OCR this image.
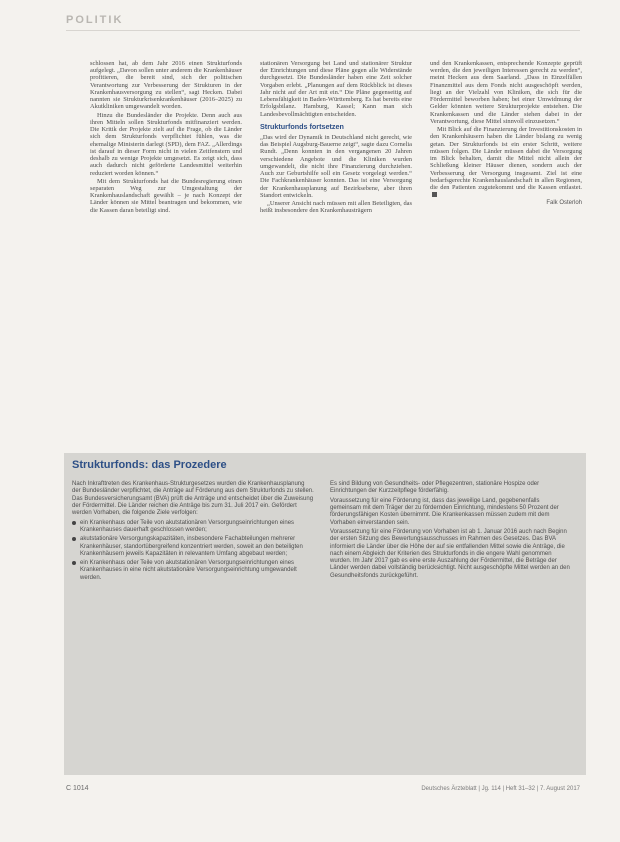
POLITIK

schlossen hat, ab dem Jahr 2016 einen Strukturfonds aufgelegt. „Davon sollen unter anderem die Krankenhäuser profitieren, die bereit sind, sich der politischen Verantwortung zur Verbesserung der Strukturen in der Krankenhausversorgung zu stellen“, sagt Hecken. Dabei nannten sie Strukturkrisenkrankenhäuser (2016–2025) zu Akutkliniken umgewandelt worden.

Hinzu die Bundesländer die Projekte. Denn auch aus ihren Mitteln sollen Strukturfonds mitfinanziert werden. Die Kritik der Projekte zielt auf die Frage, ob die Länder sich dem Strukturfonds verpflichtet fühlen, was die ehemalige Ministerin darlegt (SPD), dem FAZ. „Allerdings ist darauf in dieser Form nicht in vielen Zeitfenstern und deshalb zu wenige Projekte umgesetzt. Es zeigt sich, dass auch dadurch nicht geförderte Landesmittel weiterhin reduziert worden können.“

Mit dem Strukturfonds hat die Bundesregierung einen separaten Weg zur Umgestaltung der Krankenhauslandschaft gewählt – je nach Konzept der Länder können sie Mittel beantragen und bekommen, wie die Kassen daran beteiligt sind.

stationären Versorgung bei Land und stationärer Struktur der Einrichtungen und diese Pläne gegen alle Widerstände durchgesetzt. Die Bundesländer haben eine Zeit solcher Vorgaben erlebt. „Planungen auf dem Rückblick ist dieses Jahr nicht auf der Art mit ein.“ Die Pläne gegenseitig auf Lebensfähigkeit in Baden-Württemberg. Es hat bereits eine Erfolgsbilanz. Hamburg, Kassel; Kann man sich Landesbevollmächtigten entscheiden.

Strukturfonds fortsetzen

„Das wird der Dynamik in Deutschland nicht gerecht, wie das Beispiel Augsburg-Bauerne zeigt“, sagte dazu Cornelia Rundt. „Denn konnten in den vergangenen 20 Jahren verschiedene Angebote und die Kliniken wurden umgewandelt, die nicht ihre Finanzierung durchziehen. Auch zur Geburtshilfe soll ein Gesetz vorgelegt werden.“ Die Fachkrankenhäuser konnten. Das ist eine Versorgung der Krankenhausplanung auf Bezirksebene, aber ihren Standort entwickeln.

„Unserer Ansicht nach müssen mit allen Beteiligten, das heißt insbesondere den Krankenhausträgern

und den Krankenkassen, entsprechende Konzepte geprüft werden, die den jeweiligen Interessen gerecht zu werden“, meint Hecken aus dem Saarland. „Dass in Einzelfällen Finanzmittel aus dem Fonds nicht ausgeschöpft werden, liegt an der Vielzahl von Kliniken, die sich für die Fördermittel beworben haben; bei einer Umwidmung der Gelder könnten weitere Strukturprojekte entstehen. Die Krankenkassen und die Länder stehen dabei in der Verantwortung, diese Mittel sinnvoll einzusetzen.“

Mit Blick auf die Finanzierung der Investitionskosten in den Krankenhäusern haben die Länder bislang zu wenig getan. Der Strukturfonds ist ein erster Schritt, weitere müssen folgen. Die Länder müssen dabei die Versorgung im Blick behalten, damit die Mittel nicht allein der Schließung kleiner Häuser dienen, sondern auch der Verbesserung der Versorgung insgesamt. Ziel ist eine bedarfsgerechte Krankenhauslandschaft in allen Regionen, die den Patienten zugutekommt und die Kassen entlastet.

Falk Osterloh
Strukturfonds: das Prozedere

Nach Inkrafttreten des Krankenhaus-Strukturgesetzes wurden die Krankenhausplanung der Bundesländer verpflichtet, die Anträge auf Förderung aus dem Strukturfonds zu stellen. Das Bundesversicherungsamt (BVA) prüft die Anträge und entscheidet über die Zuweisung der Fördermittel. Die Länder reichen die Anträge bis zum 31. Juli 2017 ein. Gefördert werden Vorhaben, die folgende Ziele verfolgen:

ein Krankenhaus oder Teile von akutstationären Versorgungseinrichtungen eines Krankenhauses dauerhaft geschlossen werden;
akutstationäre Versorgungskapazitäten, insbesondere Fachabteilungen mehrerer Krankenhäuser, standortübergreifend konzentriert werden, soweit an den beteiligten Krankenhäusern jeweils Kapazitäten in relevantem Umfang abgebaut werden;
ein Krankenhaus oder Teile von akutstationären Versorgungseinrichtungen eines Krankenhauses in eine nicht akutstationäre Versorgungseinrichtung umgewandelt werden.

Es sind Bildung von Gesundheits- oder Pflegezentren, stationäre Hospize oder Einrichtungen der Kurzzeitpflege förderfähig.

Voraussetzung für eine Förderung ist, dass das jeweilige Land, gegebenenfalls gemeinsam mit dem Träger der zu fördernden Einrichtung, mindestens 50 Prozent der förderungsfähigen Kosten übernimmt. Die Krankenkassen müssen zudem mit dem Vorhaben einverstanden sein.

Voraussetzung für eine Förderung von Vorhaben ist ab 1. Januar 2016 auch nach Beginn der ersten Sitzung des Bewertungsausschusses im Rahmen des Gesetzes. Das BVA informiert die Länder über die Höhe der auf sie entfallenden Mittel sowie die Anträge, die nach einem Abgleich der Kriterien des Strukturfonds in die engere Wahl genommen wurden. Im Jahr 2017 gab es eine erste Auszahlung der Fördermittel, die Beträge der Länder werden dabei vollständig berücksichtigt. Nicht ausgeschöpfte Mittel werden an den Gesundheitsfonds zurückgeführt.

C 1014	Deutsches Ärzteblatt | Jg. 114 | Heft 31–32 | 7. August 2017
